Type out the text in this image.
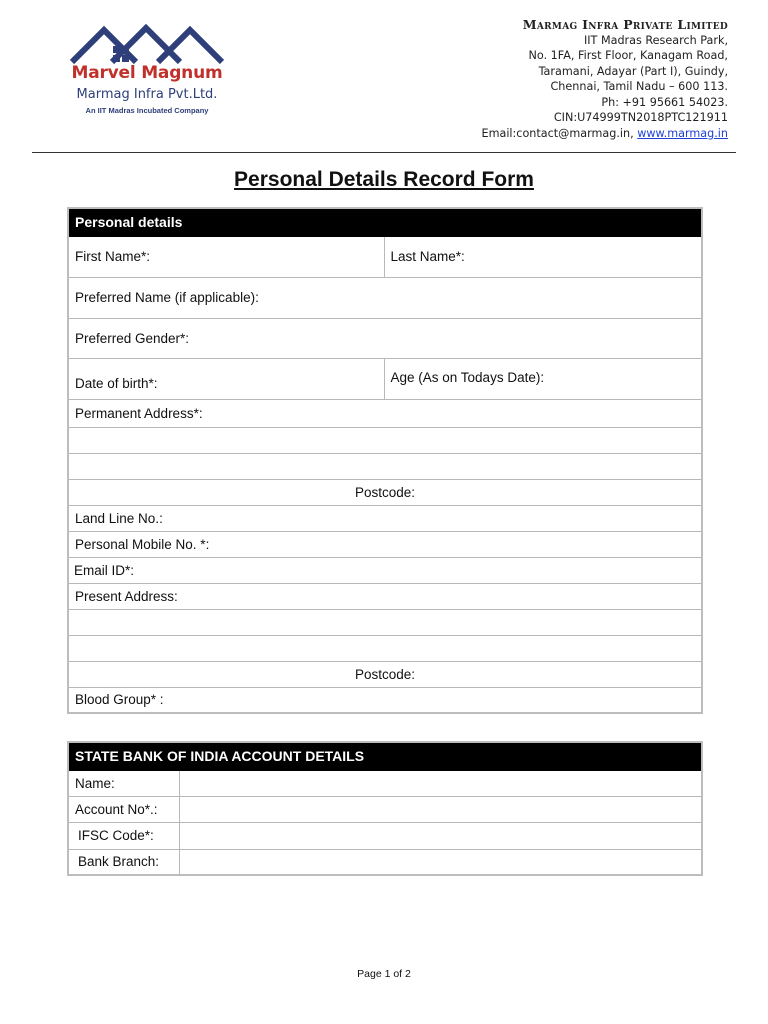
Marvel Magnum
Marmag Infra Pvt.Ltd.
An IIT Madras Incubated Company
Marmag Infra Private Limited
IIT Madras Research Park,
No. 1FA, First Floor, Kanagam Road,
Taramani, Adayar (Part I), Guindy,
Chennai, Tamil Nadu – 600 113.
Ph: +91 95661 54023.
CIN:U74999TN2018PTC121911
Email:contact@marmag.in, www.marmag.in
Personal Details Record Form
Personal details	
First Name*:	Last Name*:
Preferred Name (if applicable):	
Preferred Gender*:	
Date of birth*:	Age (As on Todays Date):
Permanent Address*:	

Postcode:	
Land Line No.:	
Personal Mobile No. *:	
Email ID*:	
Present Address:	

Postcode:	
Blood Group* :	
STATE BANK OF INDIA ACCOUNT DETAILS	
Name:	
Account No*.:	
IFSC Code*:	
Bank Branch:	
Page 1 of 2
